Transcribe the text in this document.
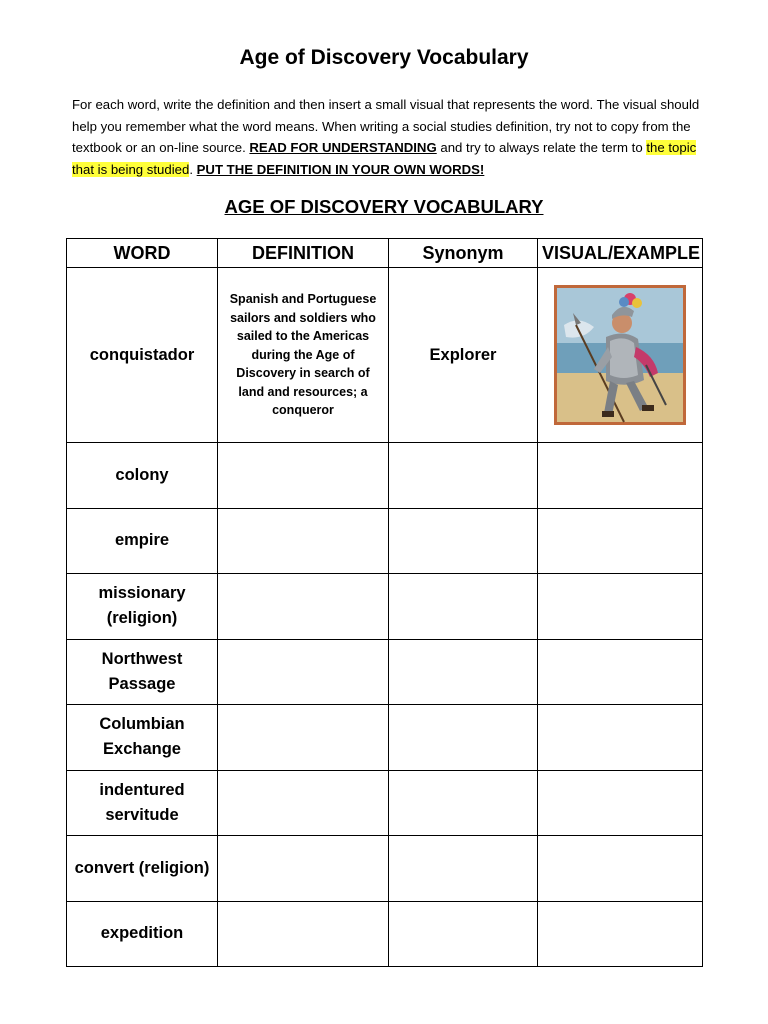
Age of Discovery Vocabulary
For each word, write the definition and then insert a small visual that represents the word. The visual should help you remember what the word means. When writing a social studies definition, try not to copy from the textbook or an on-line source. READ FOR UNDERSTANDING and try to always relate the term to the topic that is being studied. PUT THE DEFINITION IN YOUR OWN WORDS!
AGE OF DISCOVERY VOCABULARY
WORD	DEFINITION	Synonym	VISUAL/EXAMPLE
conquistador	Spanish and Portuguese sailors and soldiers who sailed to the Americas during the Age of Discovery in search of land and resources; a conqueror	Explorer	

colony			
empire			
missionary (religion)			
Northwest Passage			
Columbian Exchange			
indentured servitude			
convert (religion)			
expedition			
